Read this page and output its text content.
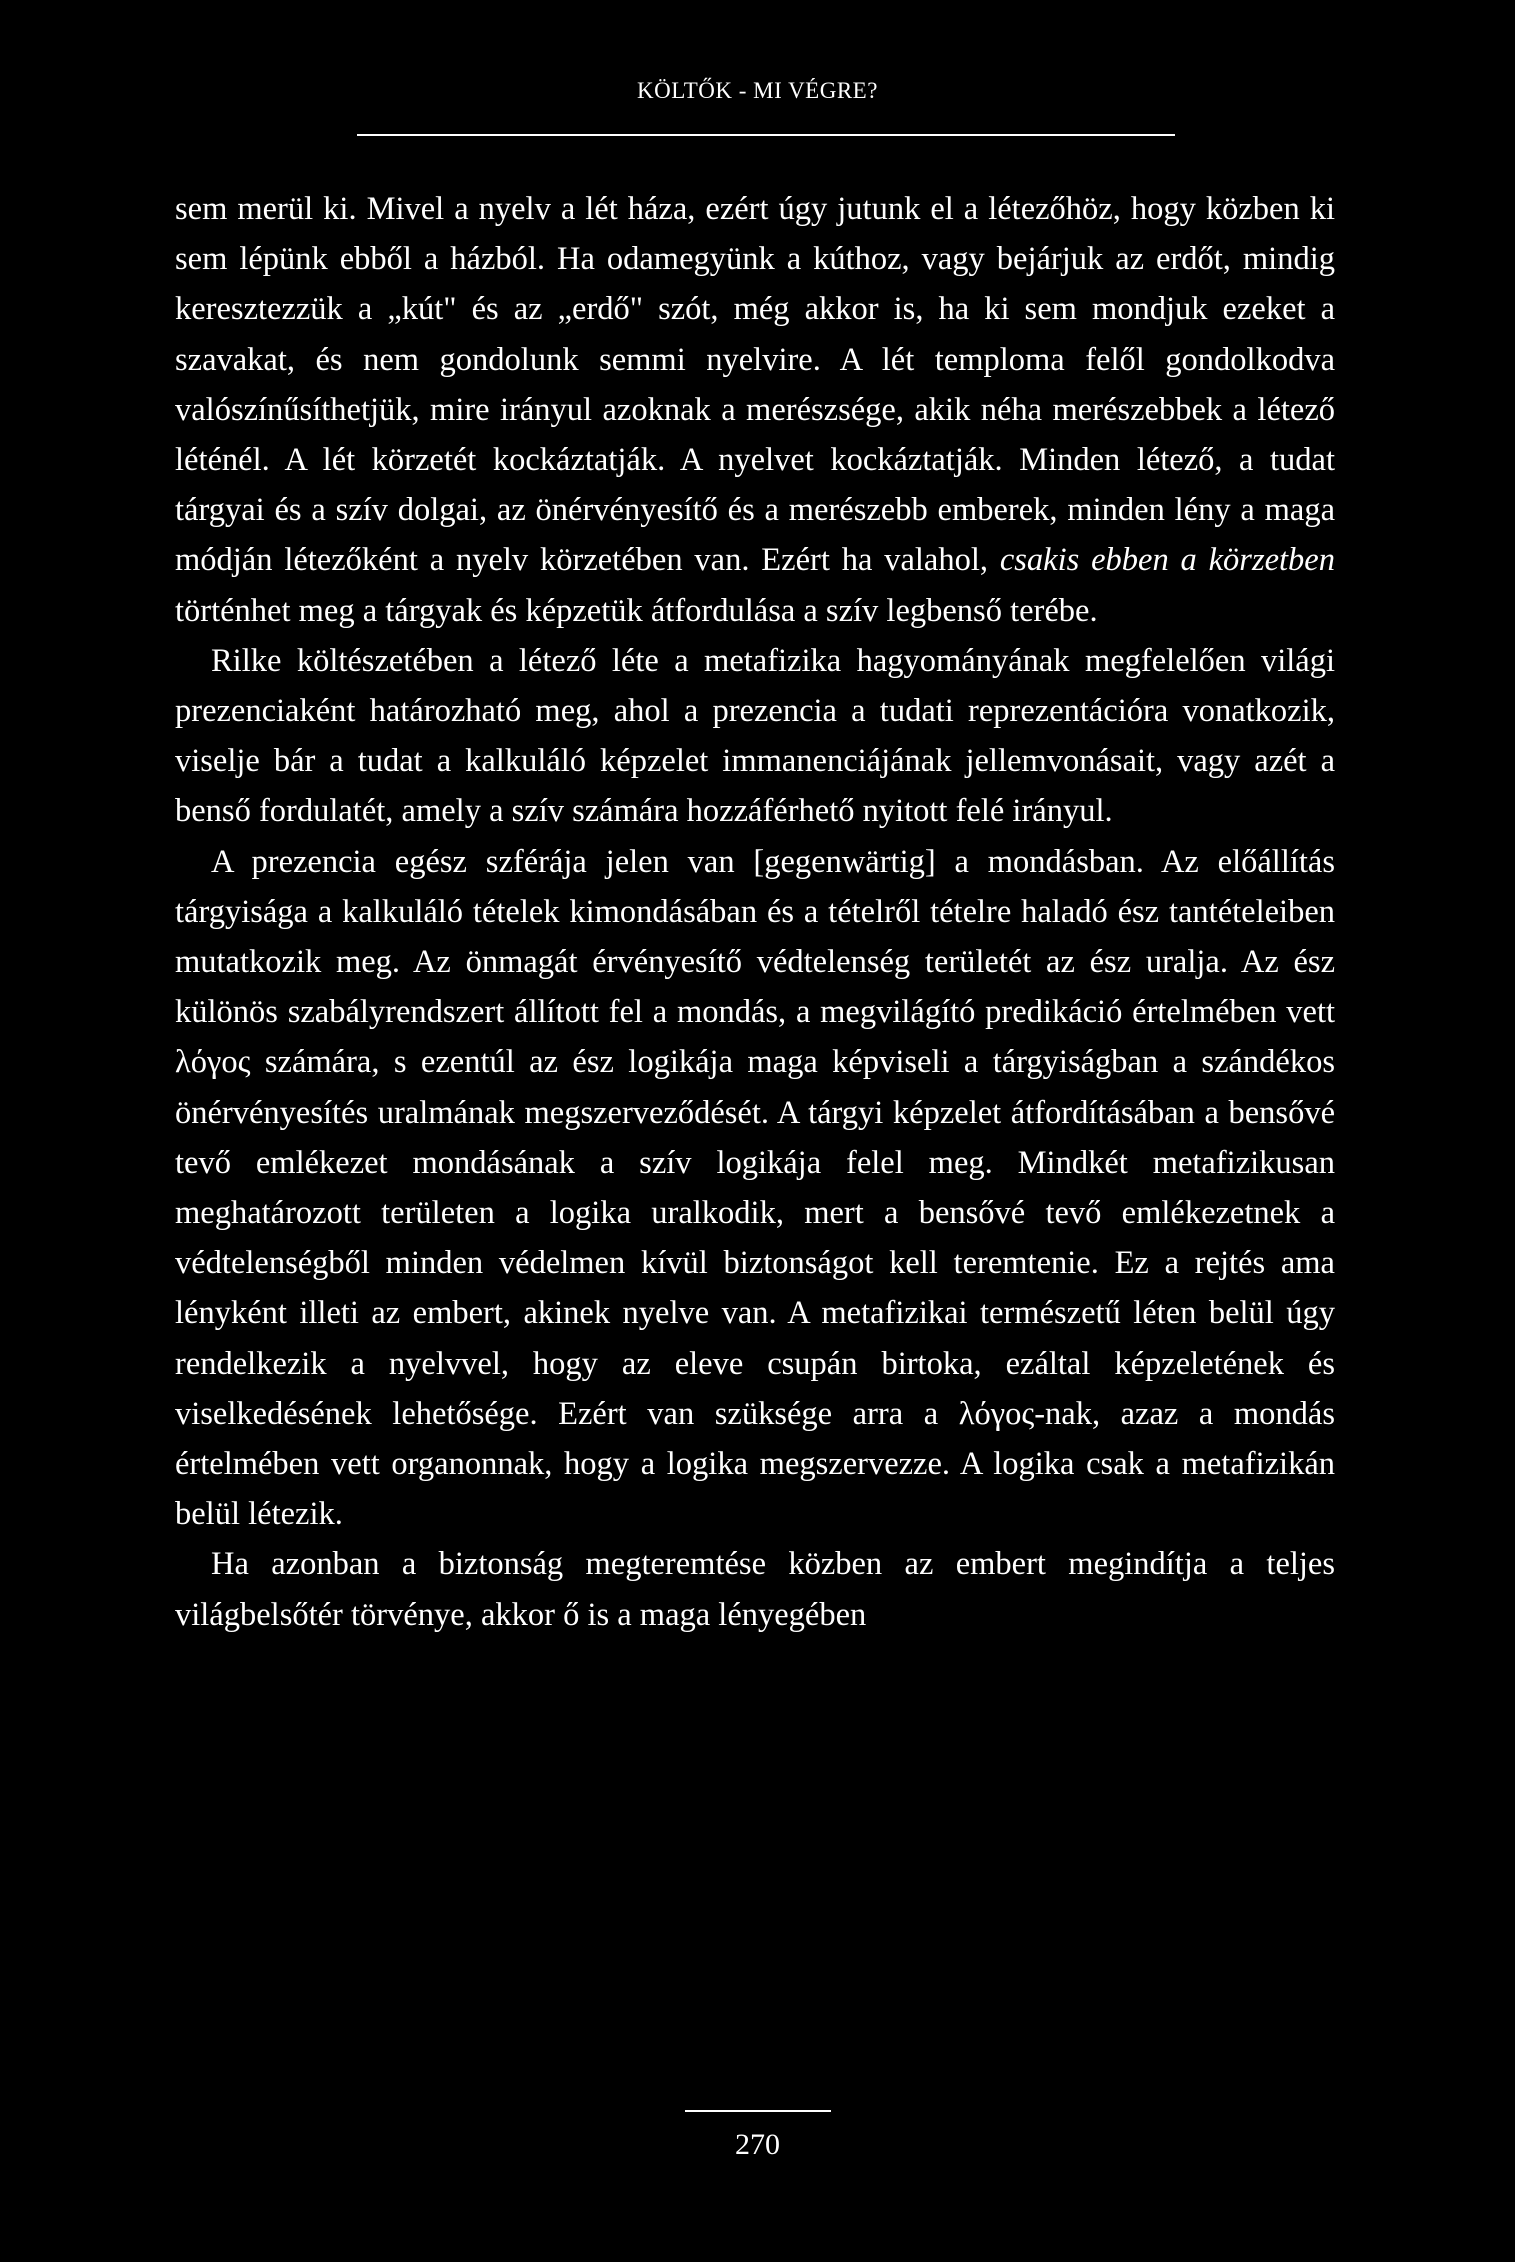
KÖLTŐK - MI VÉGRE?

sem merül ki. Mivel a nyelv a lét háza, ezért úgy jutunk el a létezőhöz, hogy közben ki sem lépünk ebből a házból. Ha odamegyünk a kúthoz, vagy bejárjuk az erdőt, mindig keresztezzük a „kút" és az „erdő" szót, még akkor is, ha ki sem mondjuk ezeket a szavakat, és nem gondolunk semmi nyelvire. A lét temploma felől gondolkodva valószínűsíthetjük, mire irányul azoknak a merészsége, akik néha merészebbek a létező léténél. A lét körzetét kockáztatják. A nyelvet kockáztatják. Minden létező, a tudat tárgyai és a szív dolgai, az önérvényesítő és a merészebb emberek, minden lény a maga módján létezőként a nyelv körzetében van. Ezért ha valahol, csakis ebben a körzetben történhet meg a tárgyak és képzetük átfordulása a szív legbenső terébe.

Rilke költészetében a létező léte a metafizika hagyományának megfelelően világi prezenciaként határozható meg, ahol a prezencia a tudati reprezentációra vonatkozik, viselje bár a tudat a kalkuláló képzelet immanenciájának jellemvonásait, vagy azét a benső fordulatét, amely a szív számára hozzáférhető nyitott felé irányul.

A prezencia egész szférája jelen van [gegenwärtig] a mondásban. Az előállítás tárgyisága a kalkuláló tételek kimondásában és a tételről tételre haladó ész tantételeiben mutatkozik meg. Az önmagát érvényesítő védtelenség területét az ész uralja. Az ész különös szabályrendszert állított fel a mondás, a megvilágító predikáció értelmében vett λόγος számára, s ezentúl az ész logikája maga képviseli a tárgyiságban a szándékos önérvényesítés uralmának megszerveződését. A tárgyi képzelet átfordításában a bensővé tevő emlékezet mondásának a szív logikája felel meg. Mindkét metafizikusan meghatározott területen a logika uralkodik, mert a bensővé tevő emlékezetnek a védtelenségből minden védelmen kívül biztonságot kell teremtenie. Ez a rejtés ama lényként illeti az embert, akinek nyelve van. A metafizikai természetű léten belül úgy rendelkezik a nyelvvel, hogy az eleve csupán birtoka, ezáltal képzeletének és viselkedésének lehetősége. Ezért van szüksége arra a λόγος-nak, azaz a mondás értelmében vett organonnak, hogy a logika megszervezze. A logika csak a metafizikán belül létezik.

Ha azonban a biztonság megteremtése közben az embert megindítja a teljes világbelsőtér törvénye, akkor ő is a maga lényegében

270
